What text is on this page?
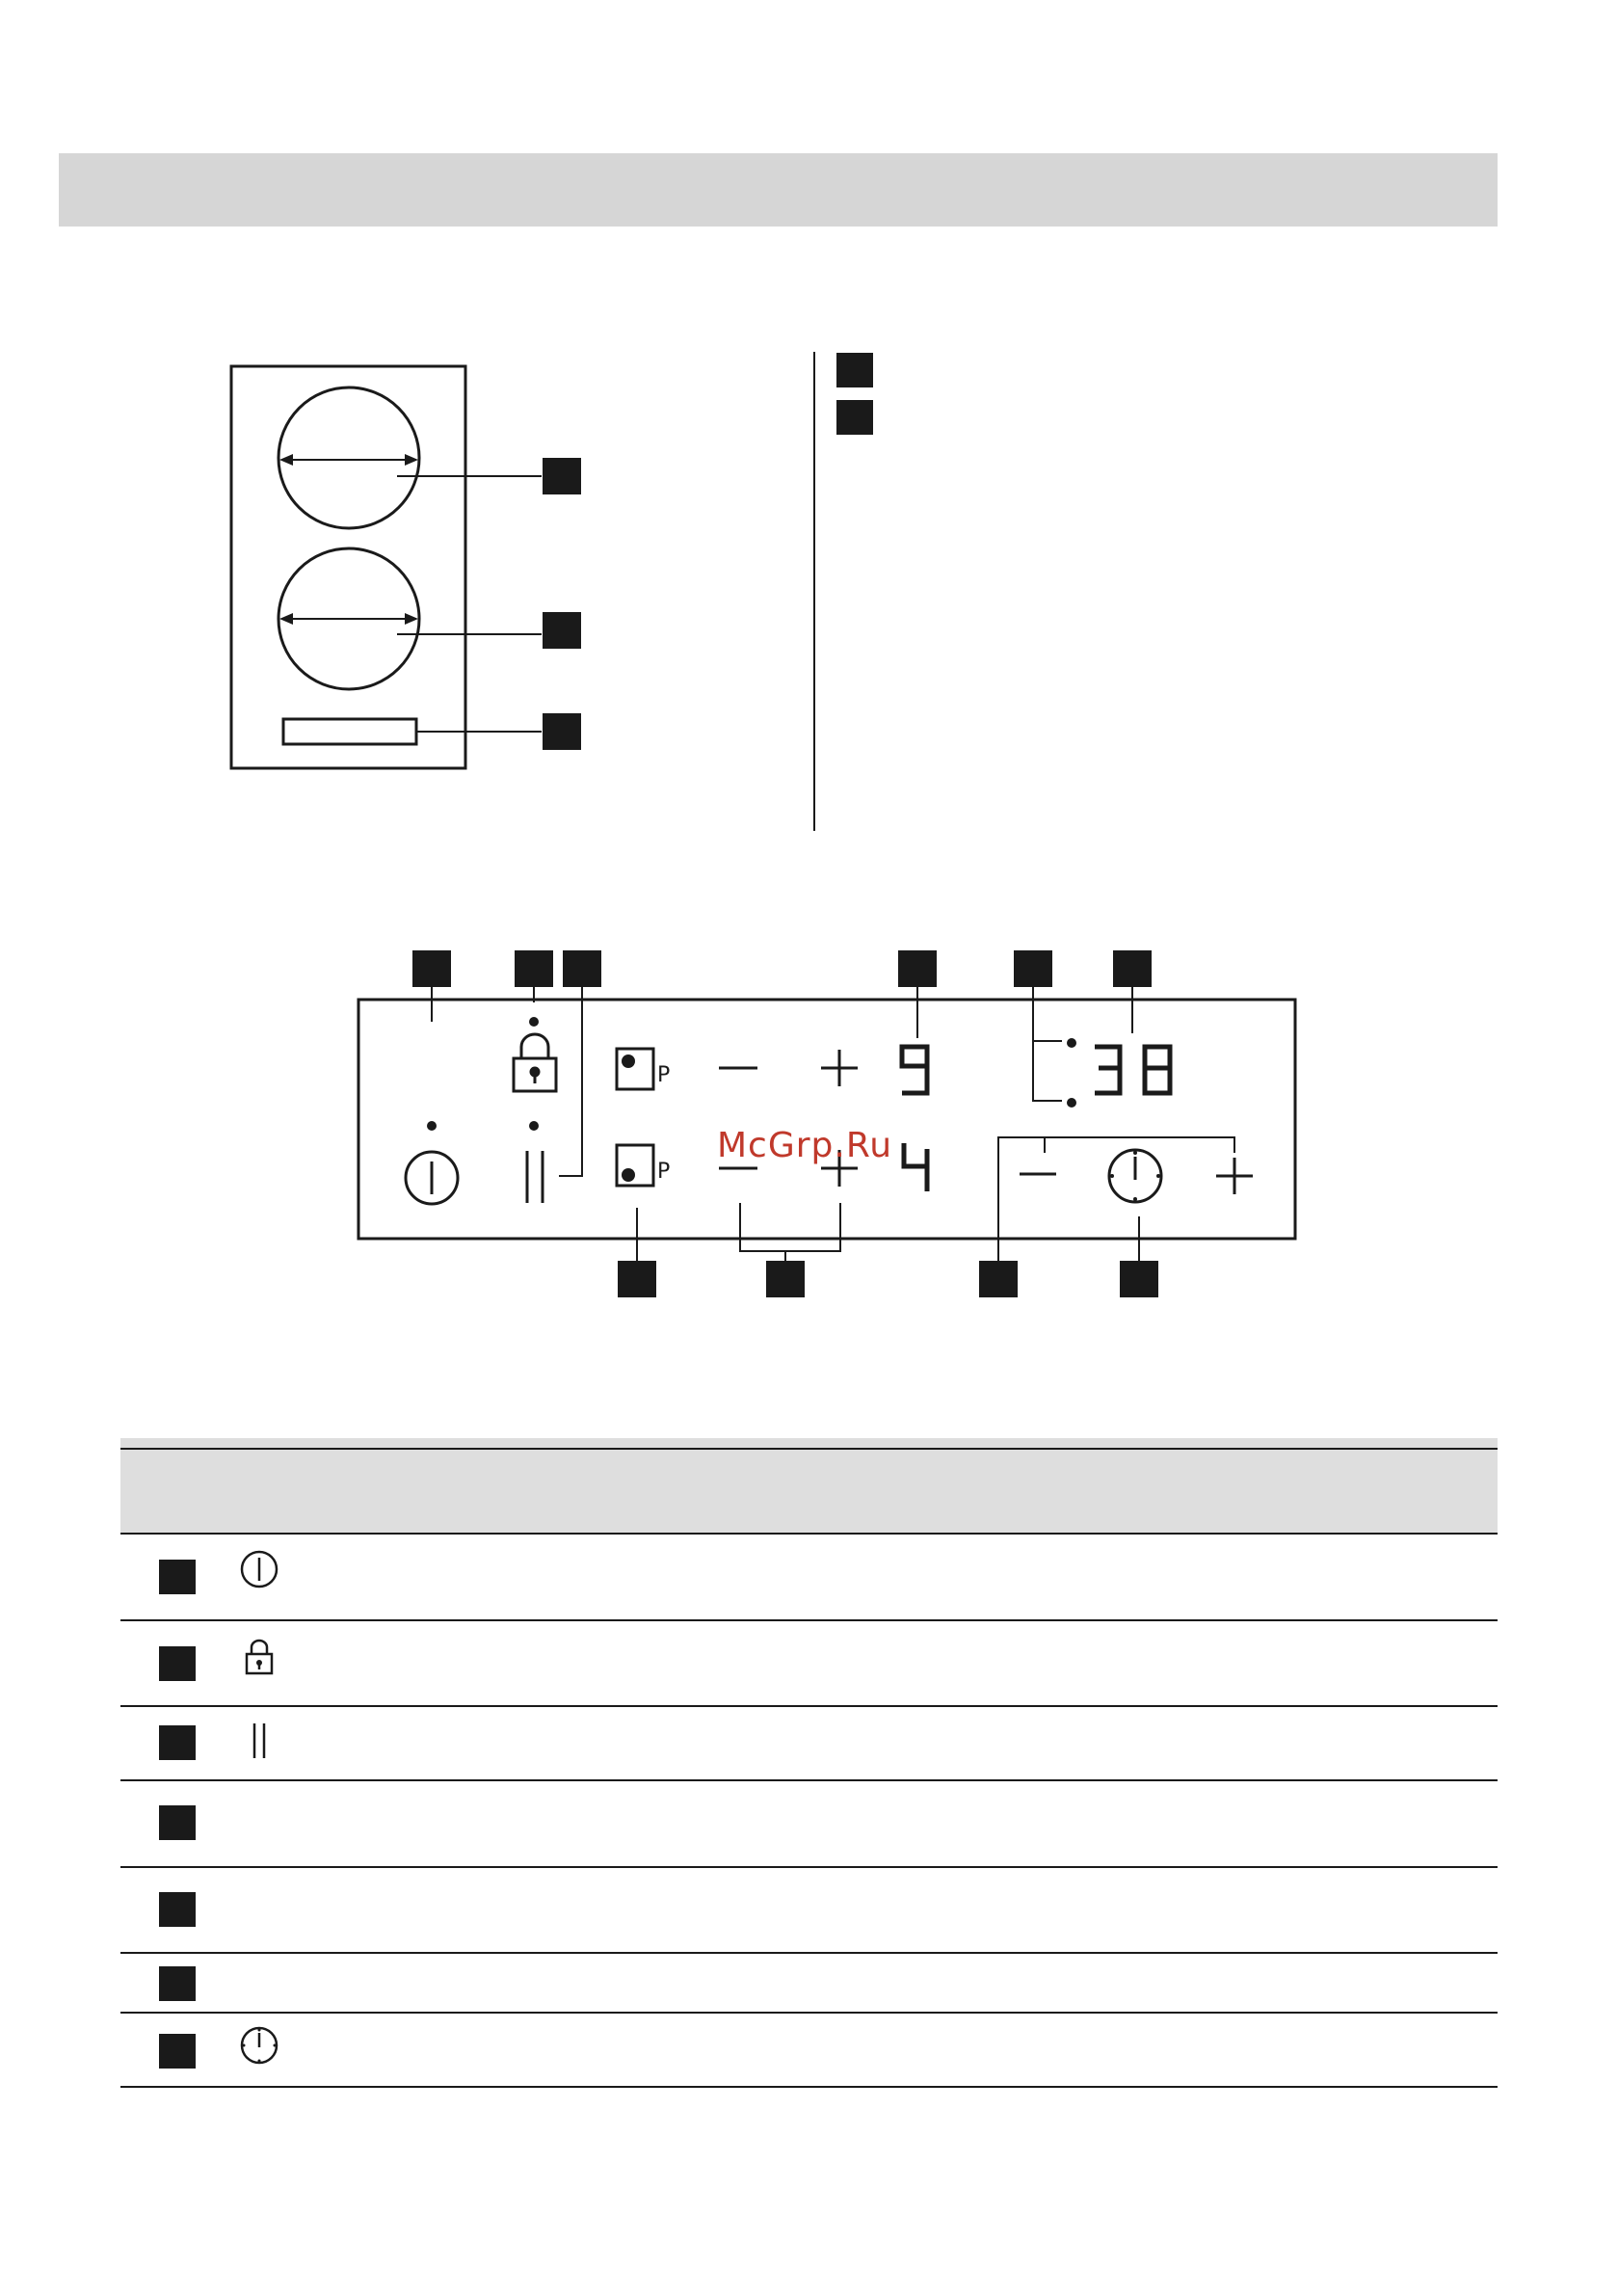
P
P
McGrp.Ru
